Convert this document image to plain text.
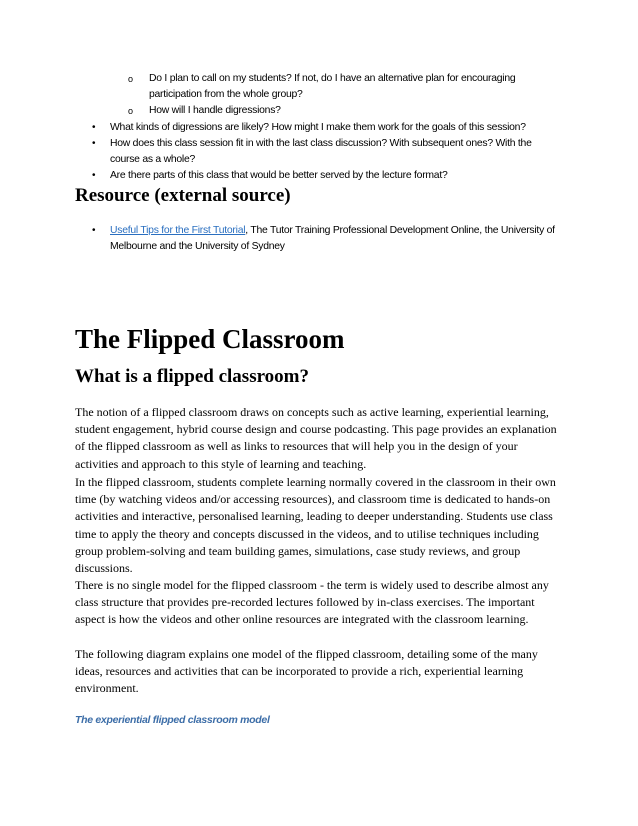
o Do I plan to call on my students? If not, do I have an alternative plan for encouraging participation from the whole group?
o How will I handle digressions?
• What kinds of digressions are likely? How might I make them work for the goals of this session?
• How does this class session fit in with the last class discussion? With subsequent ones? With the course as a whole?
• Are there parts of this class that would be better served by the lecture format?
Resource (external source)
• Useful Tips for the First Tutorial, The Tutor Training Professional Development Online, the University of Melbourne and the University of Sydney
The Flipped Classroom
What is a flipped classroom?

The notion of a flipped classroom draws on concepts such as active learning, experiential learning, student engagement, hybrid course design and course podcasting. This page provides an explanation of the flipped classroom as well as links to resources that will help you in the design of your activities and approach to this style of learning and teaching.

In the flipped classroom, students complete learning normally covered in the classroom in their own time (by watching videos and/or accessing resources), and classroom time is dedicated to hands-on activities and interactive, personalised learning, leading to deeper understanding. Students use class time to apply the theory and concepts discussed in the videos, and to utilise techniques including group problem-solving and team building games, simulations, case study reviews, and group discussions.

There is no single model for the flipped classroom - the term is widely used to describe almost any class structure that provides pre-recorded lectures followed by in-class exercises. The important aspect is how the videos and other online resources are integrated with the classroom learning.

The following diagram explains one model of the flipped classroom, detailing some of the many ideas, resources and activities that can be incorporated to provide a rich, experiential learning environment.

The experiential flipped classroom model
